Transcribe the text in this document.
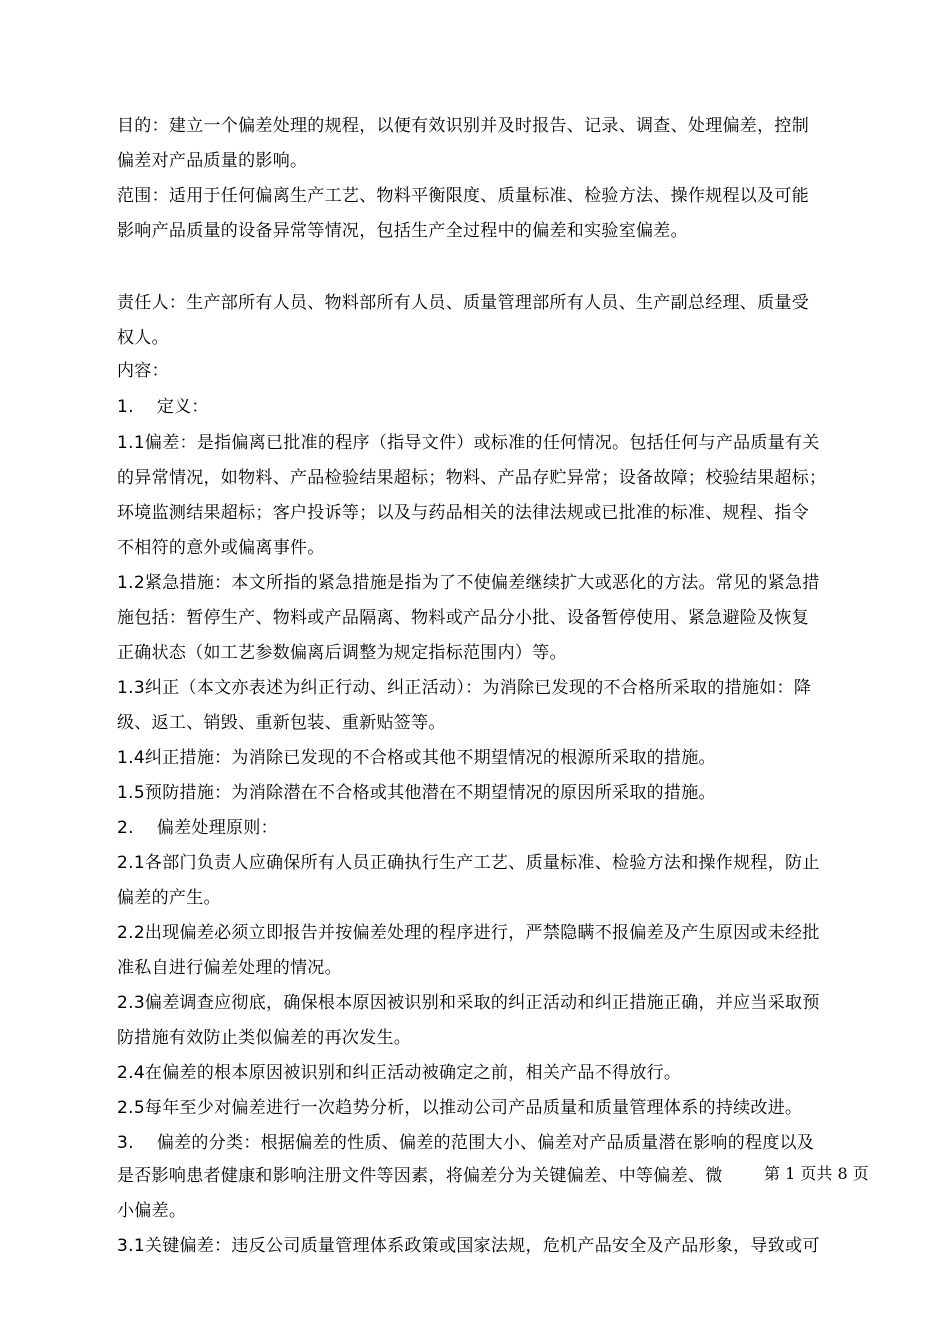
目的：建立一个偏差处理的规程，以便有效识别并及时报告、记录、调查、处理偏差，控制
偏差对产品质量的影响。
范围：适用于任何偏离生产工艺、物料平衡限度、质量标准、检验方法、操作规程以及可能
影响产品质量的设备异常等情况，包括生产全过程中的偏差和实验室偏差。
责任人：生产部所有人员、物料部所有人员、质量管理部所有人员、生产副总经理、质量受
权人。
内容：
1.　 定义：
1.1偏差：是指偏离已批准的程序（指导文件）或标准的任何情况。包括任何与产品质量有关
的异常情况，如物料、产品检验结果超标；物料、产品存贮异常；设备故障；校验结果超标；
环境监测结果超标；客户投诉等；以及与药品相关的法律法规或已批准的标准、规程、指令
不相符的意外或偏离事件。
1.2紧急措施：本文所指的紧急措施是指为了不使偏差继续扩大或恶化的方法。常见的紧急措
施包括：暂停生产、物料或产品隔离、物料或产品分小批、设备暂停使用、紧急避险及恢复
正确状态（如工艺参数偏离后调整为规定指标范围内）等。
1.3纠正（本文亦表述为纠正行动、纠正活动）：为消除已发现的不合格所采取的措施如：降
级、返工、销毁、重新包装、重新贴签等。
1.4纠正措施：为消除已发现的不合格或其他不期望情况的根源所采取的措施。
1.5预防措施：为消除潜在不合格或其他潜在不期望情况的原因所采取的措施。
2.　 偏差处理原则：
2.1各部门负责人应确保所有人员正确执行生产工艺、质量标准、检验方法和操作规程，防止
偏差的产生。
2.2出现偏差必须立即报告并按偏差处理的程序进行，严禁隐瞒不报偏差及产生原因或未经批
准私自进行偏差处理的情况。
2.3偏差调查应彻底，确保根本原因被识别和采取的纠正活动和纠正措施正确，并应当采取预
防措施有效防止类似偏差的再次发生。
2.4在偏差的根本原因被识别和纠正活动被确定之前，相关产品不得放行。
2.5每年至少对偏差进行一次趋势分析，以推动公司产品质量和质量管理体系的持续改进。
3.　 偏差的分类：根据偏差的性质、偏差的范围大小、偏差对产品质量潜在影响的程度以及
是否影响患者健康和影响注册文件等因素，将偏差分为关键偏差、中等偏差、微
小偏差。
3.1关键偏差：违反公司质量管理体系政策或国家法规，危机产品安全及产品形象，导致或可
第 1 页共 8 页
